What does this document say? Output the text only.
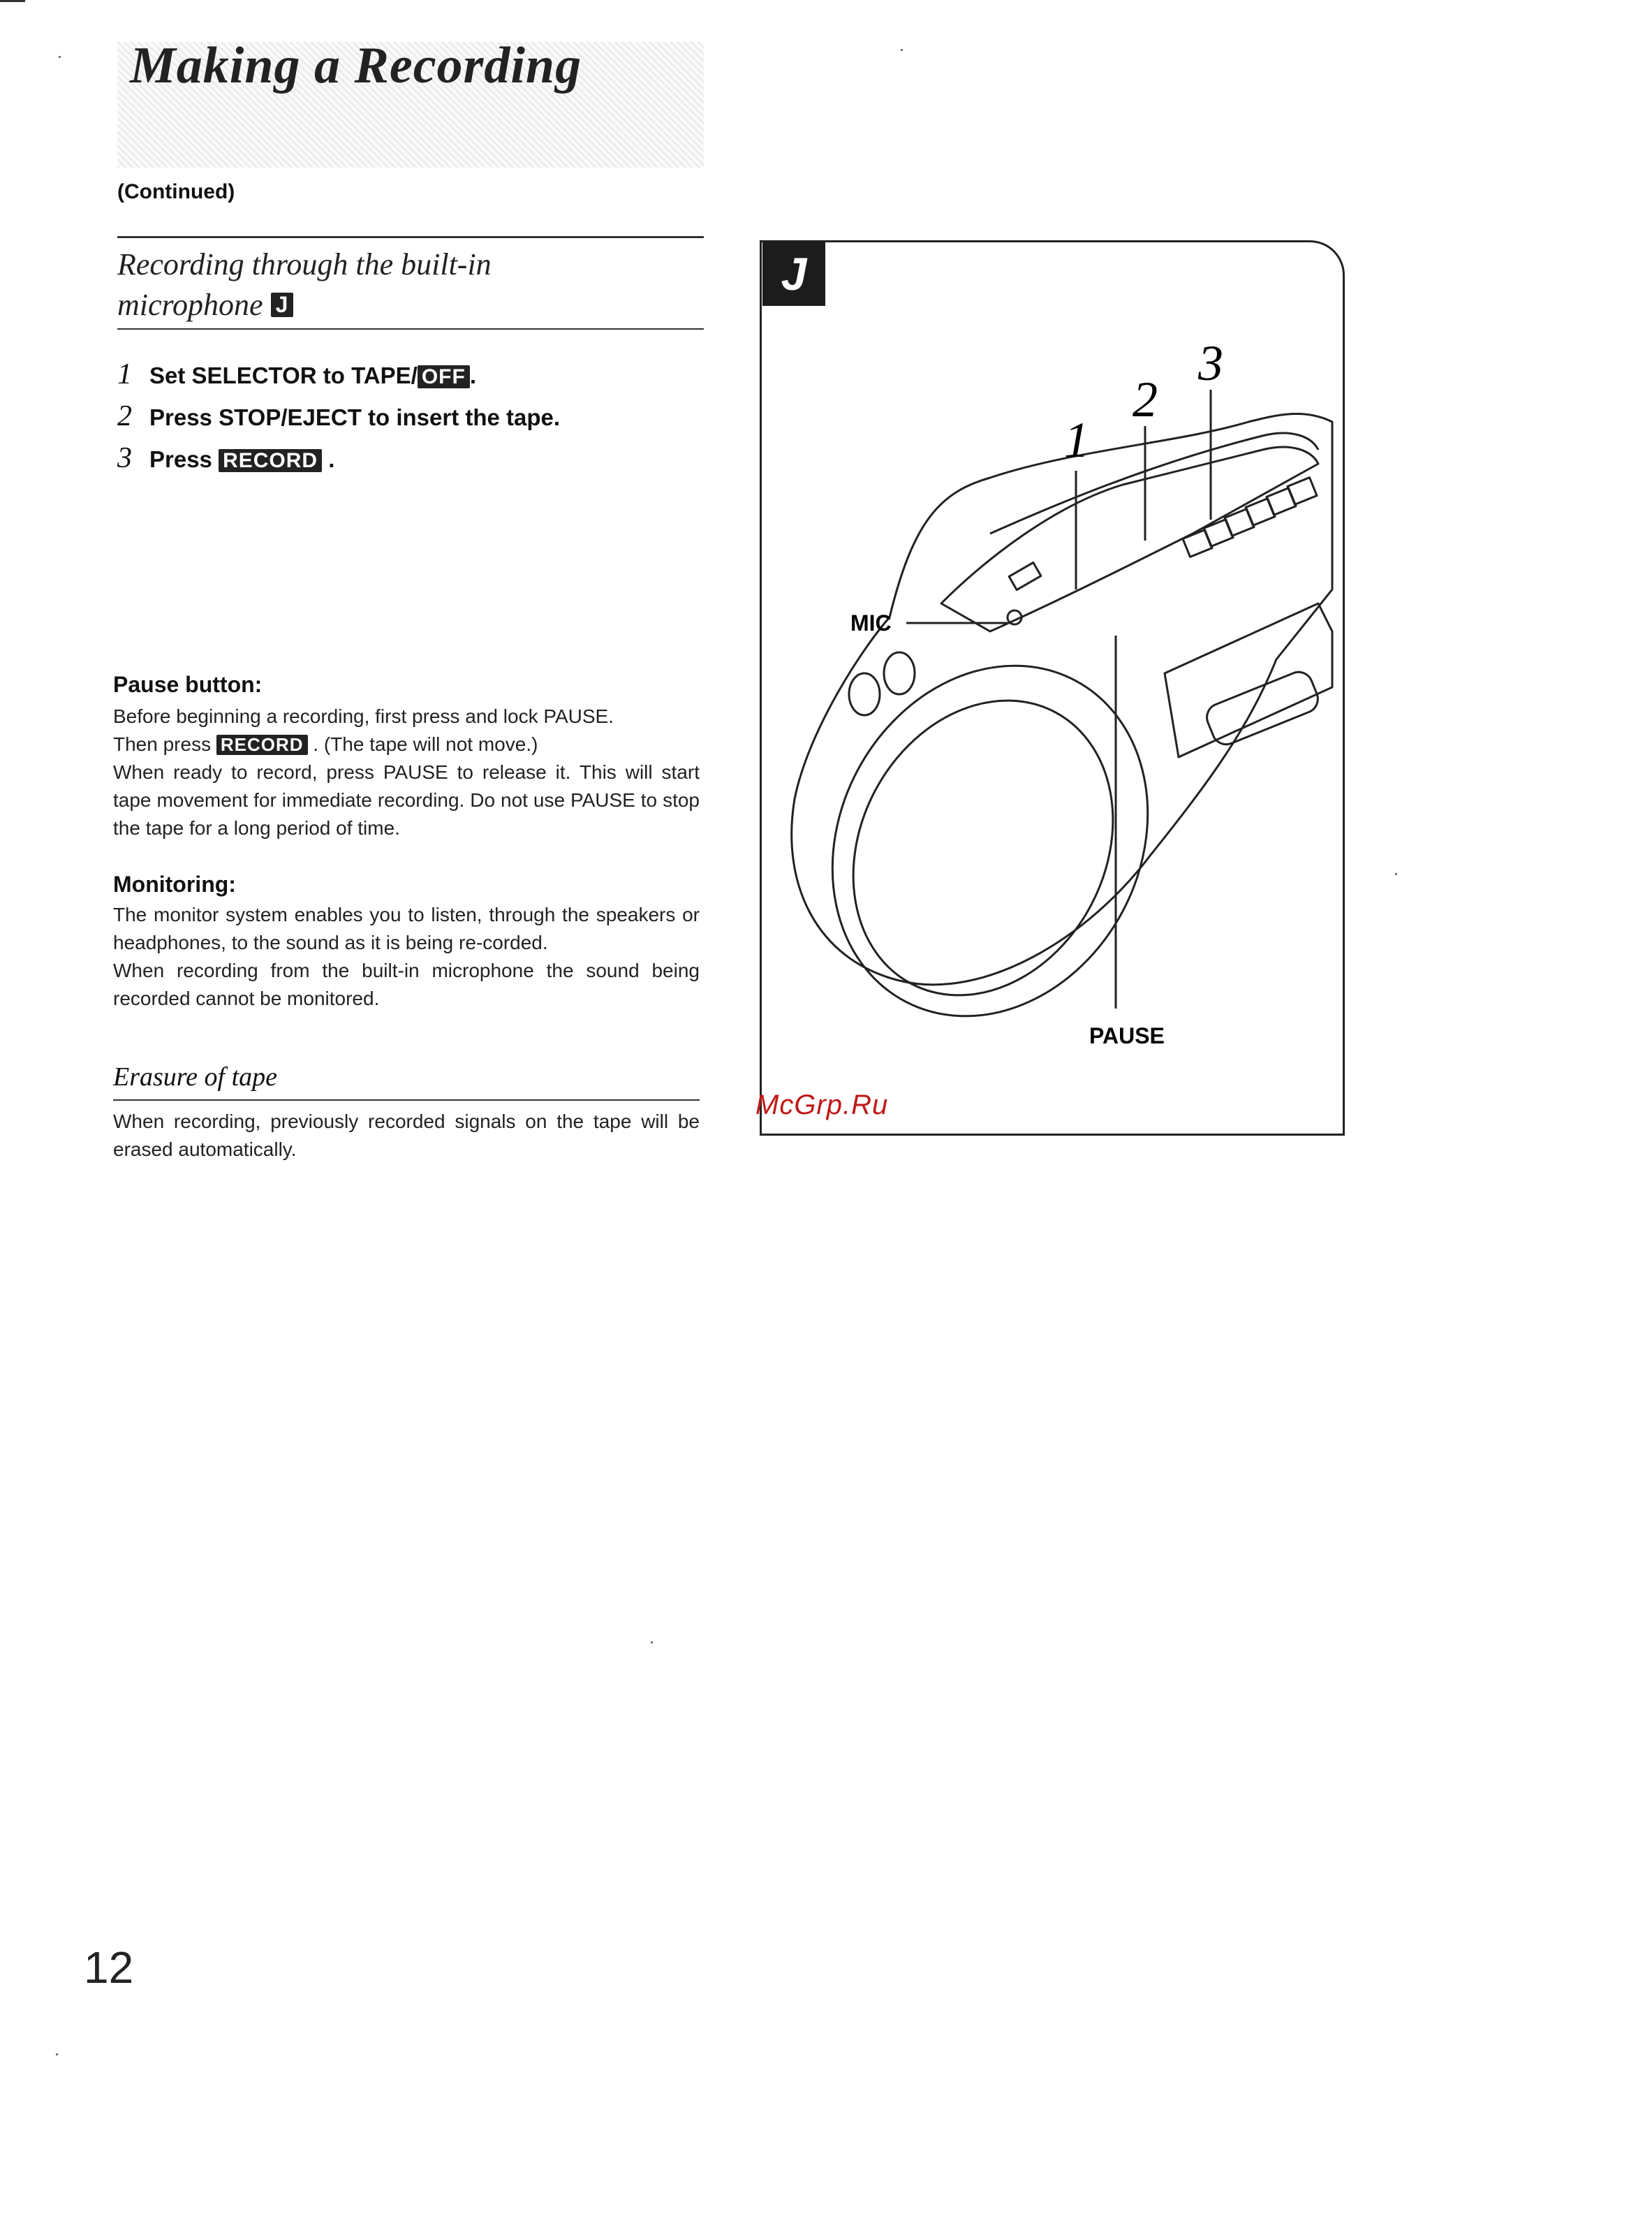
Making a Recording
(Continued)
Recording through the built-in
microphone J
1 Set SELECTOR to TAPE/ OFF .
2 Press STOP/EJECT to insert the tape.
3 Press RECORD .
Pause button:
Before beginning a recording, first press and lock PAUSE.
Then press RECORD . (The tape will not move.)
When ready to record, press PAUSE to release it. This will start tape movement for immediate recording. Do not use PAUSE to stop the tape for a long period of time.
Monitoring:
The monitor system enables you to listen, through the speakers or headphones, to the sound as it is being re-corded.
When recording from the built-in microphone the sound being recorded cannot be monitored.
Erasure of tape
When recording, previously recorded signals on the tape will be erased automatically.
12
J
1
2
3
MIC
PAUSE
McGrp.Ru
